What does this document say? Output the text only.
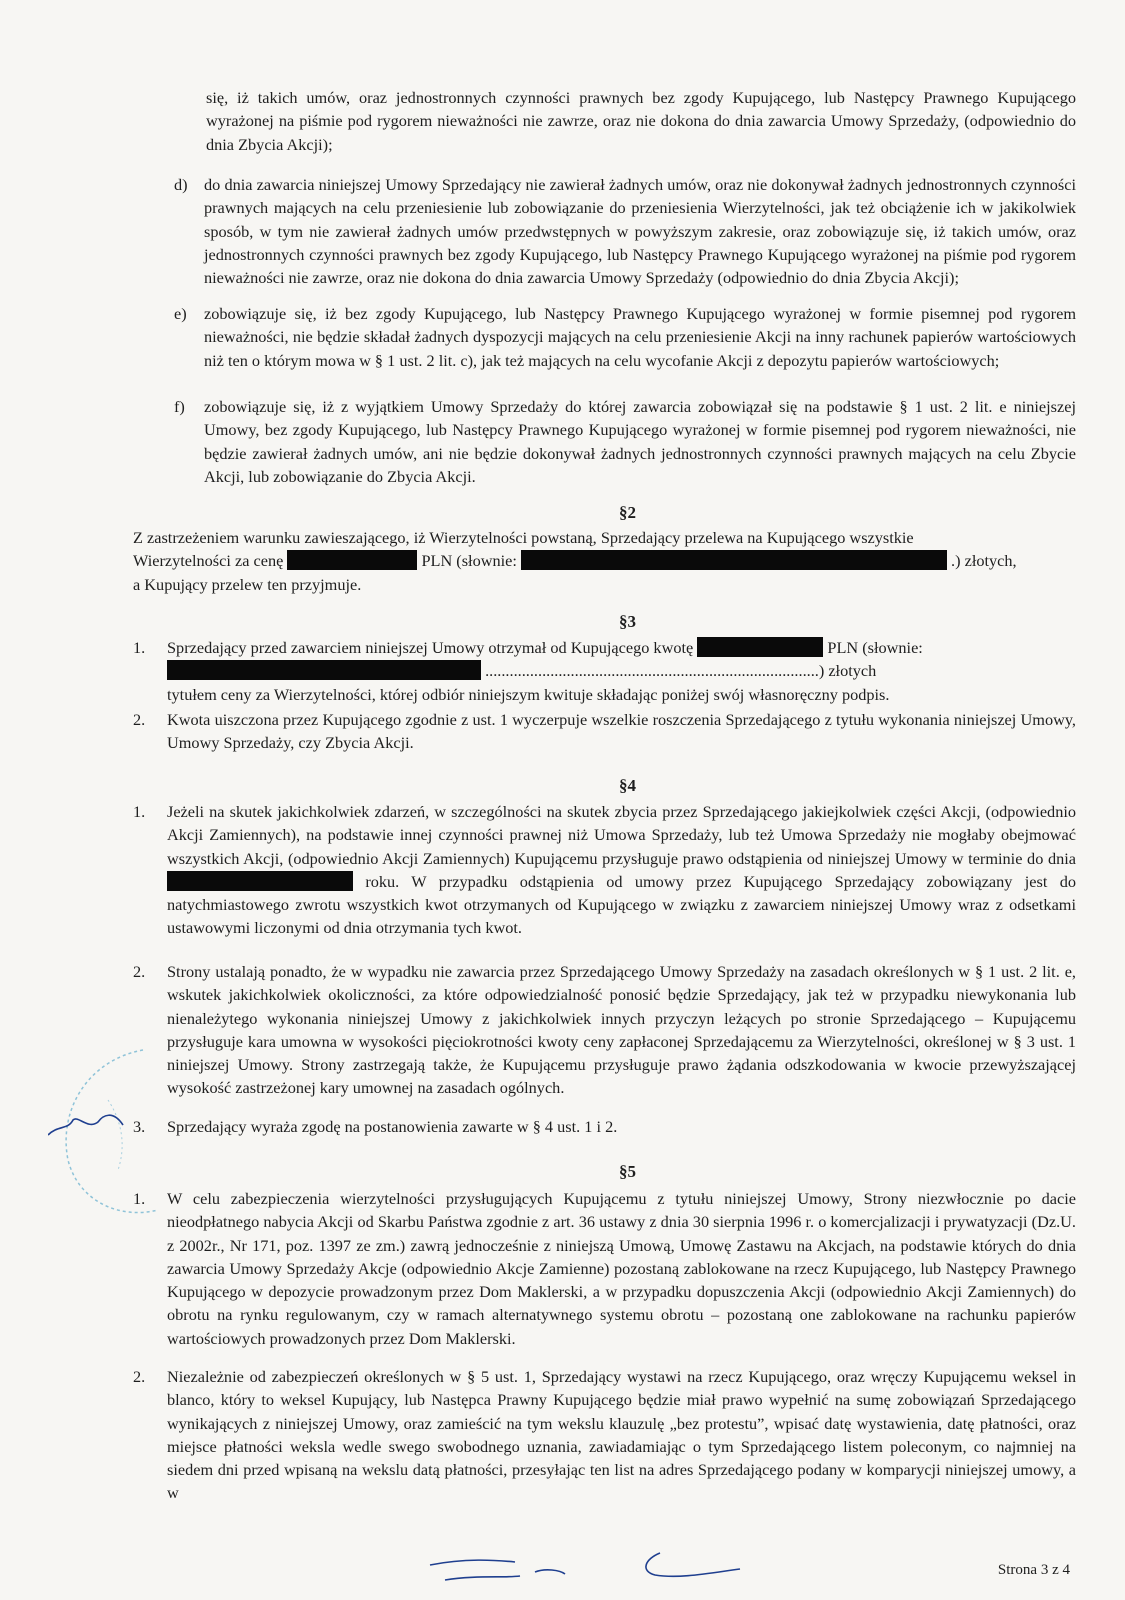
się, iż takich umów, oraz jednostronnych czynności prawnych bez zgody Kupującego, lub Następcy Prawnego Kupującego wyrażonej na piśmie pod rygorem nieważności nie zawrze, oraz nie dokona do dnia zawarcia Umowy Sprzedaży, (odpowiednio do dnia Zbycia Akcji);

d) do dnia zawarcia niniejszej Umowy Sprzedający nie zawierał żadnych umów, oraz nie dokonywał żadnych jednostronnych czynności prawnych mających na celu przeniesienie lub zobowiązanie do przeniesienia Wierzytelności, jak też obciążenie ich w jakikolwiek sposób, w tym nie zawierał żadnych umów przedwstępnych w powyższym zakresie, oraz zobowiązuje się, iż takich umów, oraz jednostronnych czynności prawnych bez zgody Kupującego, lub Następcy Prawnego Kupującego wyrażonej na piśmie pod rygorem nieważności nie zawrze, oraz nie dokona do dnia zawarcia Umowy Sprzedaży (odpowiednio do dnia Zbycia Akcji);
e) zobowiązuje się, iż bez zgody Kupującego, lub Następcy Prawnego Kupującego wyrażonej w formie pisemnej pod rygorem nieważności, nie będzie składał żadnych dyspozycji mających na celu przeniesienie Akcji na inny rachunek papierów wartościowych niż ten o którym mowa w § 1 ust. 2 lit. c), jak też mających na celu wycofanie Akcji z depozytu papierów wartościowych;
f) zobowiązuje się, iż z wyjątkiem Umowy Sprzedaży do której zawarcia zobowiązał się na podstawie § 1 ust. 2 lit. e niniejszej Umowy, bez zgody Kupującego, lub Następcy Prawnego Kupującego wyrażonej w formie pisemnej pod rygorem nieważności, nie będzie zawierał żadnych umów, ani nie będzie dokonywał żadnych jednostronnych czynności prawnych mających na celu Zbycie Akcji, lub zobowiązanie do Zbycia Akcji.
§2
Z zastrzeżeniem warunku zawieszającego, iż Wierzytelności powstaną, Sprzedający przelewa na Kupującego wszystkie
Wierzytelności za cenę	PLN (słownie:	.) złotych,
a Kupujący przelew ten przyjmuje.
§3
1. Sprzedający przed zawarciem niniejszej Umowy otrzymał od Kupującego kwotę	PLN (słownie:
..................................................................................) złotych
tytułem ceny za Wierzytelności, której odbiór niniejszym kwituje składając poniżej swój własnoręczny podpis.
2. Kwota uiszczona przez Kupującego zgodnie z ust. 1 wyczerpuje wszelkie roszczenia Sprzedającego z tytułu wykonania niniejszej Umowy, Umowy Sprzedaży, czy Zbycia Akcji.
§4
1. Jeżeli na skutek jakichkolwiek zdarzeń, w szczególności na skutek zbycia przez Sprzedającego jakiejkolwiek części Akcji, (odpowiednio Akcji Zamiennych), na podstawie innej czynności prawnej niż Umowa Sprzedaży, lub też Umowa Sprzedaży nie mogłaby obejmować wszystkich Akcji, (odpowiednio Akcji Zamiennych) Kupującemu przysługuje prawo odstąpienia od niniejszej Umowy w terminie do dnia  roku. W przypadku odstąpienia od umowy przez Kupującego Sprzedający zobowiązany jest do natychmiastowego zwrotu wszystkich kwot otrzymanych od Kupującego w związku z zawarciem niniejszej Umowy wraz z odsetkami ustawowymi liczonymi od dnia otrzymania tych kwot.
2. Strony ustalają ponadto, że w wypadku nie zawarcia przez Sprzedającego Umowy Sprzedaży na zasadach określonych w § 1 ust. 2 lit. e, wskutek jakichkolwiek okoliczności, za które odpowiedzialność ponosić będzie Sprzedający, jak też w przypadku niewykonania lub nienależytego wykonania niniejszej Umowy z jakichkolwiek innych przyczyn leżących po stronie Sprzedającego – Kupującemu przysługuje kara umowna w wysokości pięciokrotności kwoty ceny zapłaconej Sprzedającemu za Wierzytelności, określonej w § 3 ust. 1 niniejszej Umowy. Strony zastrzegają także, że Kupującemu przysługuje prawo żądania odszkodowania w kwocie przewyższającej wysokość zastrzeżonej kary umownej na zasadach ogólnych.
3. Sprzedający wyraża zgodę na postanowienia zawarte w § 4 ust. 1 i 2.
§5
1. W celu zabezpieczenia wierzytelności przysługujących Kupującemu z tytułu niniejszej Umowy, Strony niezwłocznie po dacie nieodpłatnego nabycia Akcji od Skarbu Państwa zgodnie z art. 36 ustawy z dnia 30 sierpnia 1996 r. o komercjalizacji i prywatyzacji (Dz.U. z 2002r., Nr 171, poz. 1397 ze zm.) zawrą jednocześnie z niniejszą Umową, Umowę Zastawu na Akcjach, na podstawie których do dnia zawarcia Umowy Sprzedaży Akcje (odpowiednio Akcje Zamienne) pozostaną zablokowane na rzecz Kupującego, lub Następcy Prawnego Kupującego w depozycie prowadzonym przez Dom Maklerski, a w przypadku dopuszczenia Akcji (odpowiednio Akcji Zamiennych) do obrotu na rynku regulowanym, czy w ramach alternatywnego systemu obrotu – pozostaną one zablokowane na rachunku papierów wartościowych prowadzonych przez Dom Maklerski.
2. Niezależnie od zabezpieczeń określonych w § 5 ust. 1, Sprzedający wystawi na rzecz Kupującego, oraz wręczy Kupującemu weksel in blanco, który to weksel Kupujący, lub Następca Prawny Kupującego będzie miał prawo wypełnić na sumę zobowiązań Sprzedającego wynikających z niniejszej Umowy, oraz zamieścić na tym wekslu klauzulę „bez protestu”, wpisać datę wystawienia, datę płatności, oraz miejsce płatności weksla wedle swego swobodnego uznania, zawiadamiając o tym Sprzedającego listem poleconym, co najmniej na siedem dni przed wpisaną na wekslu datą płatności, przesyłając ten list na adres Sprzedającego podany w komparycji niniejszej umowy, a w
Strona 3 z 4
